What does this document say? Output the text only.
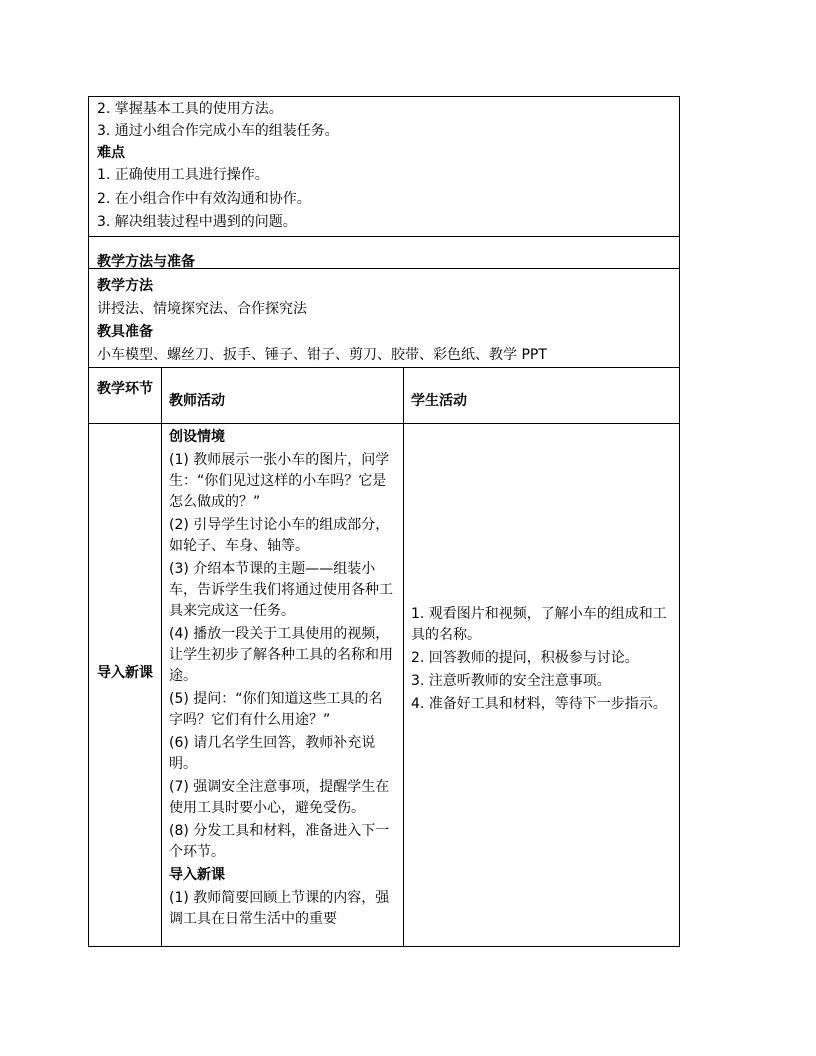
2. 掌握基本工具的使用方法。
3. 通过小组合作完成小车的组装任务。
难点
1. 正确使用工具进行操作。
2. 在小组合作中有效沟通和协作。
3. 解决组装过程中遇到的问题。
教学方法与准备
教学方法
讲授法、情境探究法、合作探究法
教具准备
小车模型、螺丝刀、扳手、锤子、钳子、剪刀、胶带、彩色纸、教学 PPT
教学环节
教师活动	学生活动
导入新课
创设情境
(1) 教师展示一张小车的图片，问学生：“你们见过这样的小车吗？它是怎么做成的？”
(2) 引导学生讨论小车的组成部分，如轮子、车身、轴等。
(3) 介绍本节课的主题——组装小车，告诉学生我们将通过使用各种工具来完成这一任务。
(4) 播放一段关于工具使用的视频，让学生初步了解各种工具的名称和用途。
(5) 提问：“你们知道这些工具的名字吗？它们有什么用途？”
(6) 请几名学生回答，教师补充说明。
(7) 强调安全注意事项，提醒学生在使用工具时要小心，避免受伤。
(8) 分发工具和材料，准备进入下一个环节。
导入新课
(1) 教师简要回顾上节课的内容，强调工具在日常生活中的重要
1. 观看图片和视频，了解小车的组成和工具的名称。
2. 回答教师的提问，积极参与讨论。
3. 注意听教师的安全注意事项。
4. 准备好工具和材料，等待下一步指示。
